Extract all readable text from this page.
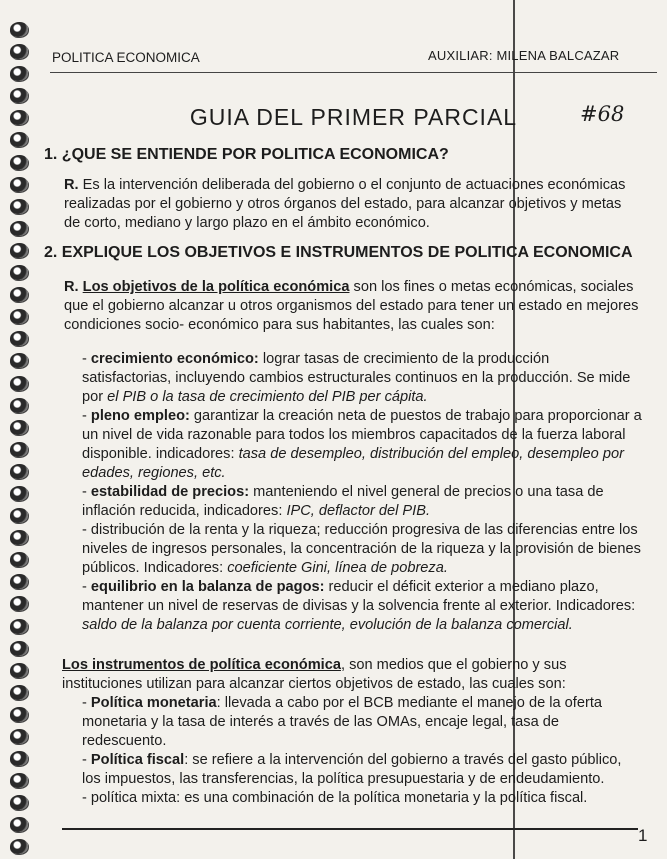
POLITICA ECONOMICA	AUXILIAR: MILENA BALCAZAR
GUIA DEL PRIMER PARCIAL	#68
1. ¿QUE SE ENTIENDE POR POLITICA ECONOMICA?
R. Es la intervención deliberada del gobierno o el conjunto de actuaciones económicas realizadas por el gobierno y otros órganos del estado, para alcanzar objetivos y metas de corto, mediano y largo plazo en el ámbito económico.
2. EXPLIQUE LOS OBJETIVOS E INSTRUMENTOS DE POLITICA ECONOMICA
R. Los objetivos de la política económica son los fines o metas económicas, sociales que el gobierno alcanzar u otros organismos del estado para tener un estado en mejores condiciones socio- económico para sus habitantes, las cuales son:
- crecimiento económico: lograr tasas de crecimiento de la producción satisfactorias, incluyendo cambios estructurales continuos en la producción. Se mide por el PIB o la tasa de crecimiento del PIB per cápita.
- pleno empleo: garantizar la creación neta de puestos de trabajo para proporcionar a un nivel de vida razonable para todos los miembros capacitados de la fuerza laboral disponible. indicadores: tasa de desempleo, distribución del empleo, desempleo por edades, regiones, etc.
- estabilidad de precios: manteniendo el nivel general de precios o una tasa de inflación reducida, indicadores: IPC, deflactor del PIB.
- distribución de la renta y la riqueza; reducción progresiva de las diferencias entre los niveles de ingresos personales, la concentración de la riqueza y la provisión de bienes públicos. Indicadores: coeficiente Gini, línea de pobreza.
- equilibrio en la balanza de pagos: reducir el déficit exterior a mediano plazo, mantener un nivel de reservas de divisas y la solvencia frente al exterior. Indicadores: saldo de la balanza por cuenta corriente, evolución de la balanza comercial.
Los instrumentos de política económica, son medios que el gobierno y sus instituciones utilizan para alcanzar ciertos objetivos de estado, las cuales son:
- Política monetaria: llevada a cabo por el BCB mediante el manejo de la oferta monetaria y la tasa de interés a través de las OMAs, encaje legal, tasa de redescuento.
- Política fiscal: se refiere a la intervención del gobierno a través del gasto público, los impuestos, las transferencias, la política presupuestaria y de endeudamiento.
- política mixta: es una combinación de la política monetaria y la política fiscal.
1
